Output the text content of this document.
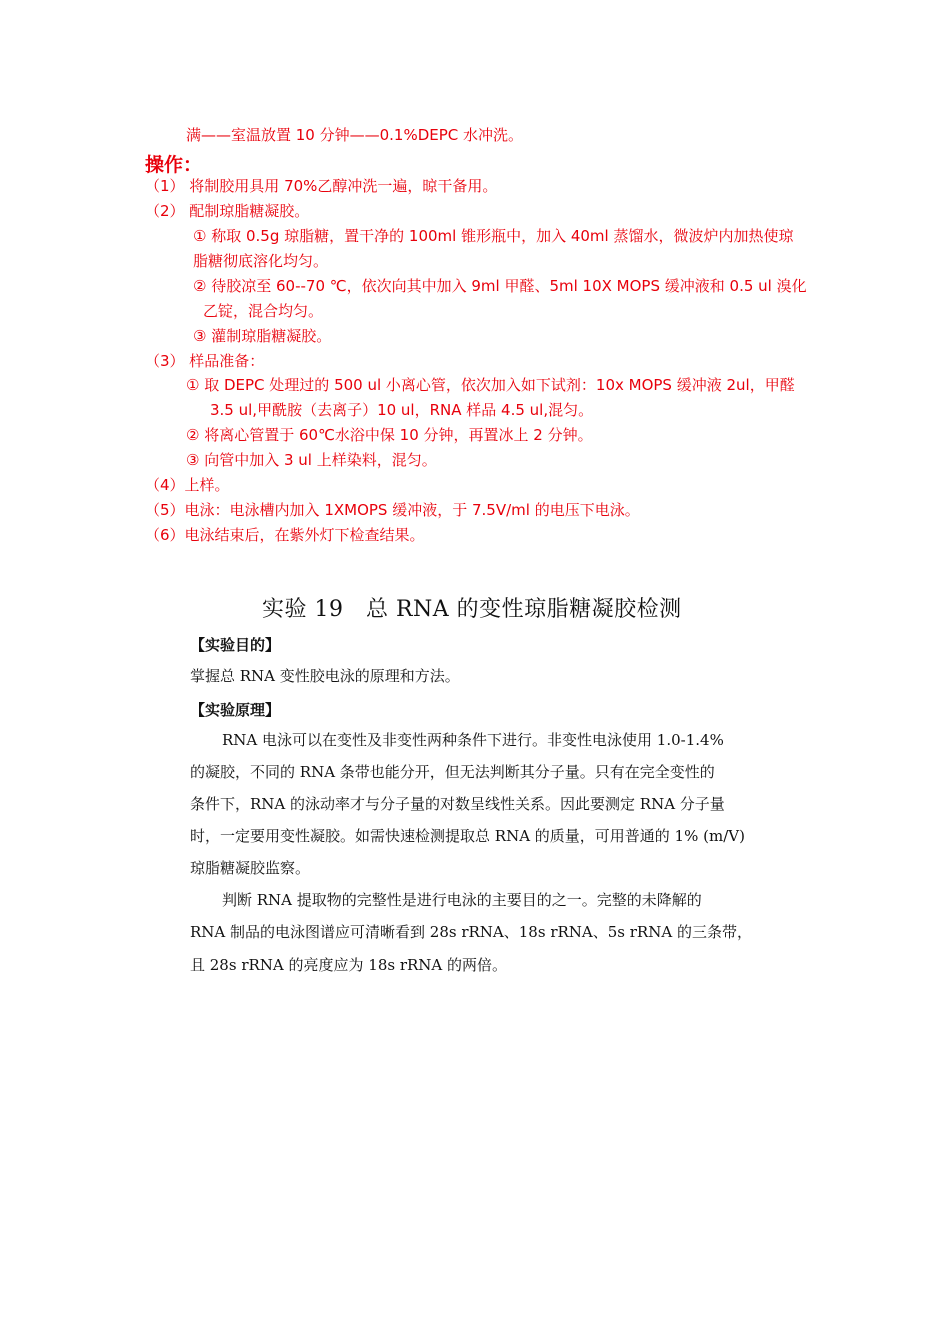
满——室温放置 10 分钟——0.1%DEPC 水冲洗。
操作：
（1） 将制胶用具用 70%乙醇冲洗一遍，晾干备用。
（2） 配制琼脂糖凝胶。
① 称取 0.5g 琼脂糖，置干净的 100ml 锥形瓶中，加入 40ml 蒸馏水，微波炉内加热使琼
脂糖彻底溶化均匀。
② 待胶凉至 60--70 ℃，依次向其中加入 9ml 甲醛、5ml 10X MOPS 缓冲液和 0.5 ul 溴化
乙锭，混合均匀。
③ 灌制琼脂糖凝胶。
（3） 样品准备：
① 取 DEPC 处理过的 500 ul 小离心管，依次加入如下试剂：10x MOPS 缓冲液 2ul，甲醛
3.5 ul,甲酰胺（去离子）10 ul，RNA 样品 4.5 ul,混匀。
② 将离心管置于 60℃水浴中保 10 分钟，再置冰上 2 分钟。
③ 向管中加入 3 ul 上样染料，混匀。
（4）上样。
（5）电泳：电泳槽内加入 1XMOPS 缓冲液，于 7.5V/ml 的电压下电泳。
（6）电泳结束后，在紫外灯下检查结果。
实验 19　总 RNA 的变性琼脂糖凝胶检测
【实验目的】
掌握总 RNA 变性胶电泳的原理和方法。
【实验原理】
RNA 电泳可以在变性及非变性两种条件下进行。非变性电泳使用 1.0-1.4%
的凝胶，不同的 RNA 条带也能分开，但无法判断其分子量。只有在完全变性的
条件下，RNA 的泳动率才与分子量的对数呈线性关系。因此要测定 RNA 分子量
时，一定要用变性凝胶。如需快速检测提取总 RNA 的质量，可用普通的 1% (m/V)
琼脂糖凝胶监察。
判断 RNA 提取物的完整性是进行电泳的主要目的之一。完整的未降解的
RNA 制品的电泳图谱应可清晰看到 28s rRNA、18s rRNA、5s rRNA 的三条带，
且 28s rRNA 的亮度应为 18s rRNA 的两倍。
